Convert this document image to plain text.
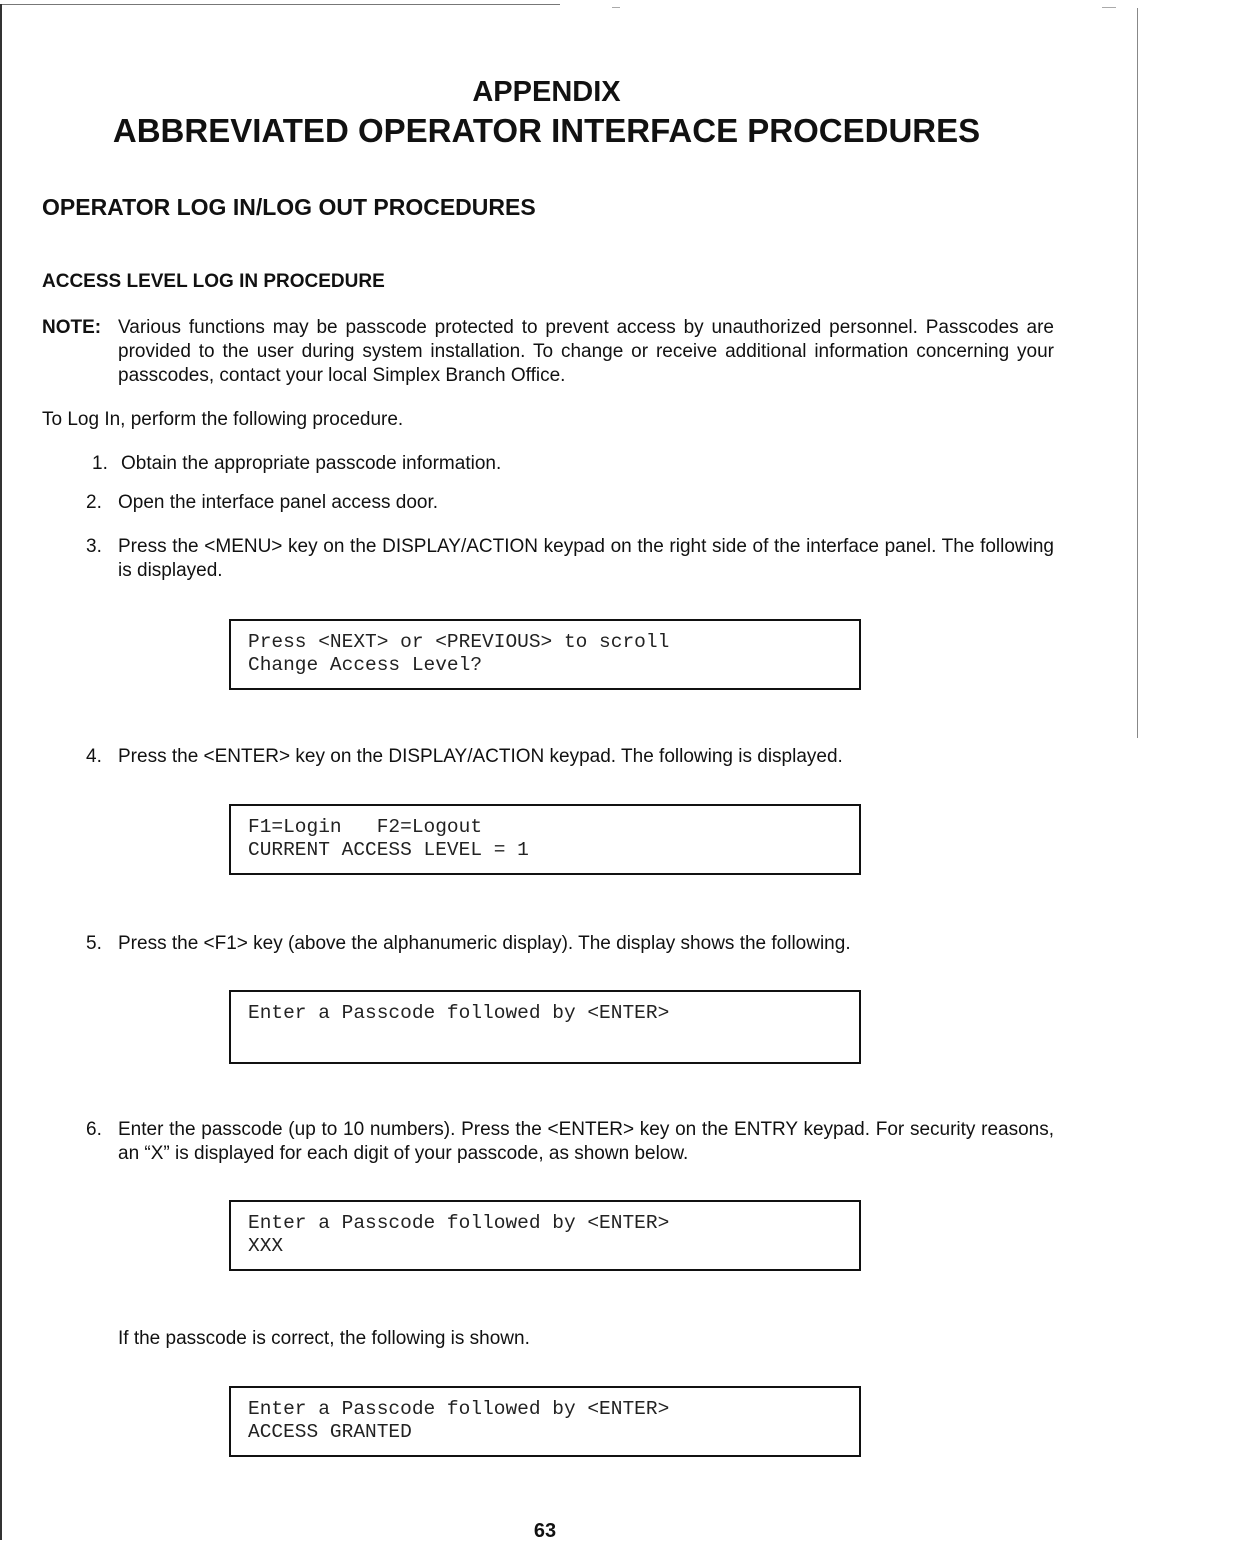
APPENDIX
ABBREVIATED OPERATOR INTERFACE PROCEDURES
OPERATOR LOG IN/LOG OUT PROCEDURES
ACCESS LEVEL LOG IN PROCEDURE
NOTE: Various functions may be passcode protected to prevent access by unauthorized personnel. Passcodes are provided to the user during system installation. To change or receive additional information concerning your passcodes, contact your local Simplex Branch Office.

To Log In, perform the following procedure.

1. Obtain the appropriate passcode information.

2. Open the interface panel access door.

3. Press the <MENU> key on the DISPLAY/ACTION keypad on the right side of the interface panel. The following is displayed.

Press <NEXT> or <PREVIOUS> to scroll
Change Access Level?
4. Press the <ENTER> key on the DISPLAY/ACTION keypad. The following is displayed.

F1=Login   F2=Logout
CURRENT ACCESS LEVEL = 1
5. Press the <F1> key (above the alphanumeric display). The display shows the following.

Enter a Passcode followed by <ENTER>
6. Enter the passcode (up to 10 numbers). Press the <ENTER> key on the ENTRY keypad. For security reasons, an “X” is displayed for each digit of your passcode, as shown below.

Enter a Passcode followed by <ENTER>
XXX

If the passcode is correct, the following is shown.

Enter a Passcode followed by <ENTER>
ACCESS GRANTED
63
